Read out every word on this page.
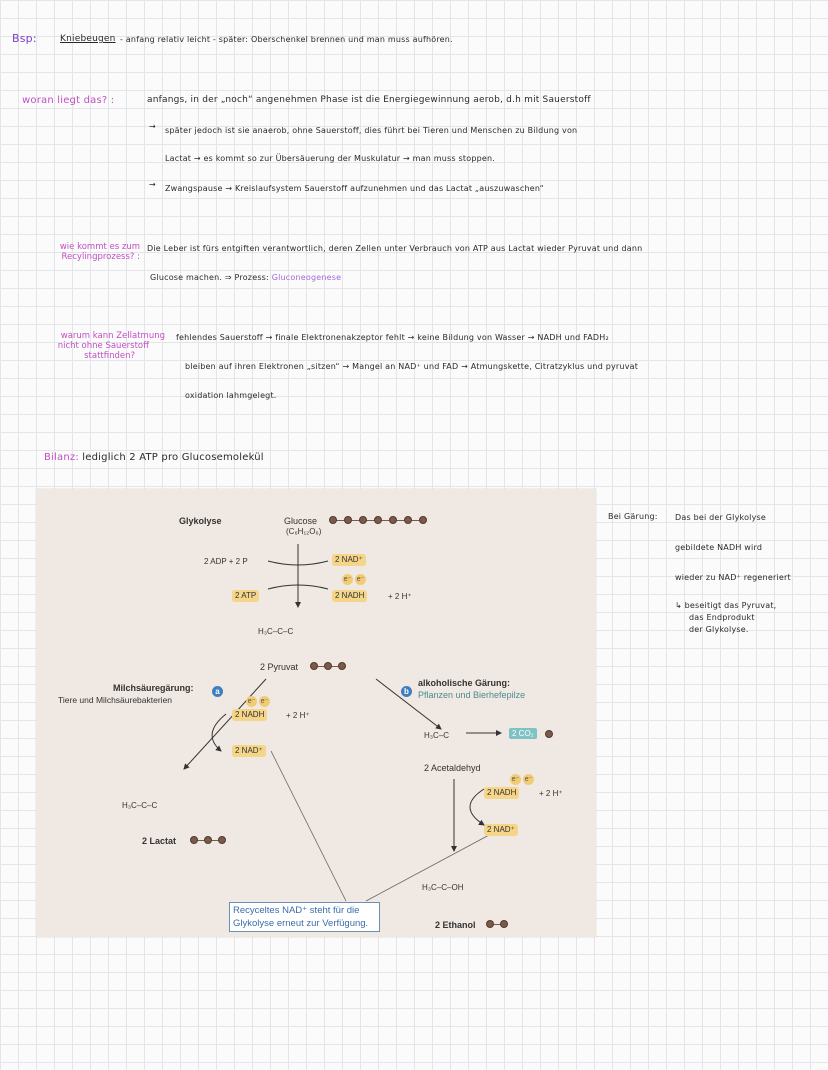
Bsp:	Kniebeugen - anfang relativ leicht - später: Oberschenkel brennen und man muss aufhören.
woran liegt das? :	anfangs, in der „noch“ angenehmen Phase ist die Energiegewinnung aerob, d.h mit Sauerstoff
→ später jedoch ist sie anaerob, ohne Sauerstoff, dies führt bei Tieren und Menschen zu Bildung von
Lactat → es kommt so zur Übersäuerung der Muskulatur → man muss stoppen.
→ Zwangspause → Kreislaufsystem Sauerstoff aufzunehmen und das Lactat „auszuwaschen“
wie kommt es zum
Recylingprozess? :
Die Leber ist fürs entgiften verantwortlich, deren Zellen unter Verbrauch von ATP aus Lactat wieder Pyruvat und dann
Glucose machen. ⇒ Prozess: Gluconeogenese
warum kann Zellatmung
nicht ohne Sauerstoff
stattfinden?
fehlendes Sauerstoff → finale Elektronenakzeptor fehlt → keine Bildung von Wasser → NADH und FADH₂
bleiben auf ihren Elektronen „sitzen“ → Mangel an NAD⁺ und FAD → Atmungskette, Citratzyklus und pyruvat
oxidation lahmgelegt.
Bilanz: lediglich 2 ATP pro Glucosemolekül
Bei Gärung: Das bei der Glykolyse
gebildete NADH wird
wieder zu NAD⁺ regeneriert
↳ beseitigt das Pyruvat,
das Endprodukt
der Glykolyse.
Glykolyse	Glucose
(C₆H₁₂O₆)
2 ADP + 2 P
2 ATP
2 NAD⁺
e⁻ e⁻
2 NADH	+ 2 H⁺
H₃C–C–C
2 Pyruvat
Milchsäuregärung:
Tiere und Milchsäurebakterien
a
e⁻ e⁻
2 NADH	+ 2 H⁺
2 NAD⁺
H₃C–C–C
2 Lactat
b
alkoholische Gärung:
Pflanzen und Bierhefepilze
H₃C–C	2 CO₂
2 Acetaldehyd
e⁻ e⁻
2 NADH	+ 2 H⁺
2 NAD⁺
H₃C–C–OH
2 Ethanol
Recyceltes NAD⁺ steht für die
Glykolyse erneut zur Verfügung.
